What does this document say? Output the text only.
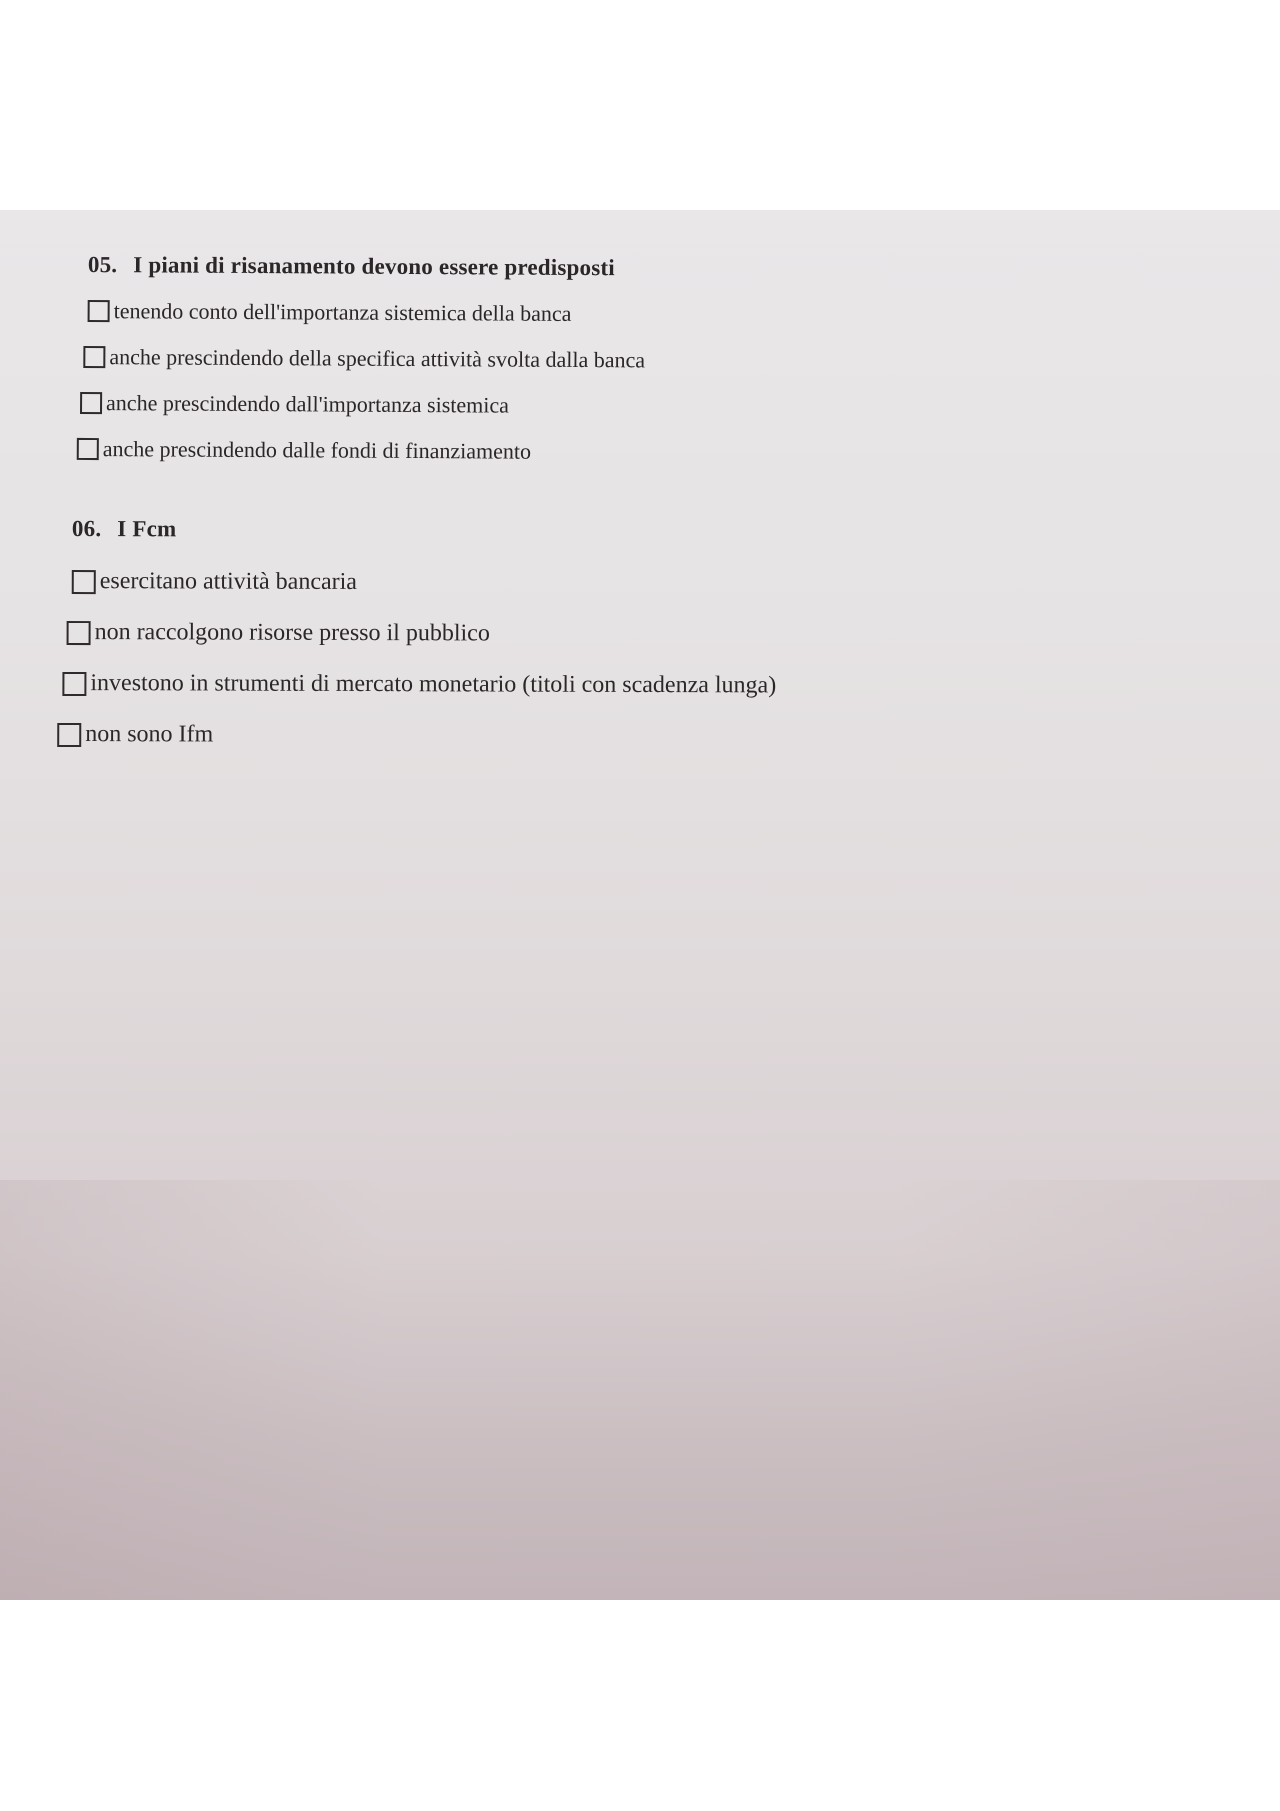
05. I piani di risanamento devono essere predisposti

tenendo conto dell'importanza sistemica della banca
anche prescindendo della specifica attività svolta dalla banca
anche prescindendo dall'importanza sistemica
anche prescindendo dalle fondi di finanziamento

06. I Fcm

esercitano attività bancaria
non raccolgono risorse presso il pubblico
investono in strumenti di mercato monetario (titoli con scadenza lunga)
non sono Ifm
